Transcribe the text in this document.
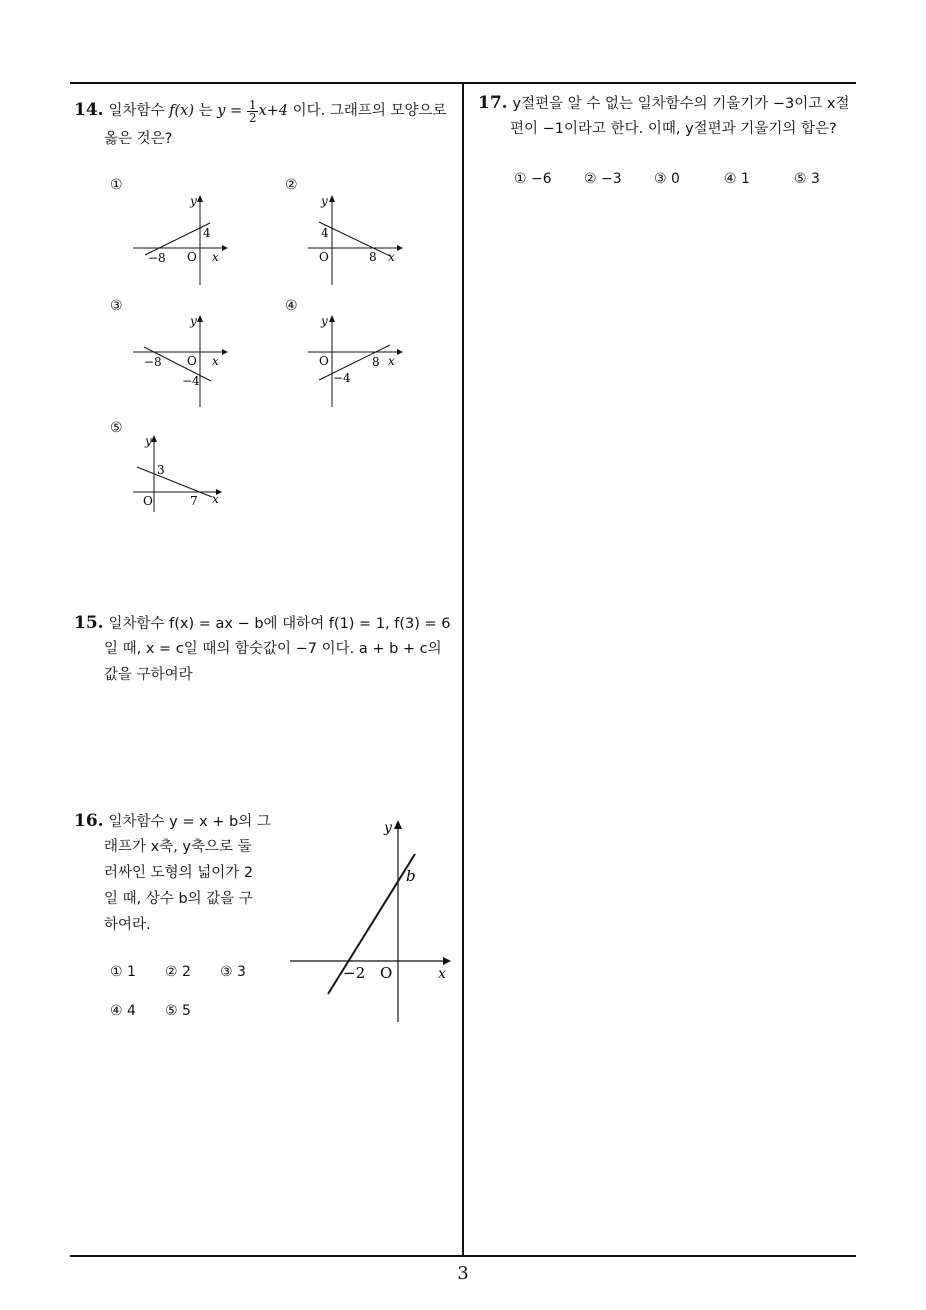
14. 일차함수 f(x) 는 $y = \frac{1}{2} x+4$ 이다. 그래프의 모양으로
옳은 것은?
①
−8 O
4
x
y
②
4
O	8 x
y
③
−8 O
−4
x
y
④
O	8
−4
x
y
⑤
3
O	7 x
y
15. 일차함수 f(x) = ax − b에 대하여 f(1) = 1, f(3) = 6
일 때, x = c일 때의 함숫값이 −7 이다. a + b + c의
값을 구하여라
16. 일차함수 y = x + b의 그
래프가 x축, y축으로 둘
러싸인 도형의 넓이가 2
일 때, 상수 b의 값을 구
하여라.
① 1 ② 2 ③ 3
④ 4 ⑤ 5
y
b
−2 O	x
17. y절편을 알 수 없는 일차함수의 기울기가 −3이고 x절
편이 −1이라고 한다. 이때, y절편과 기울기의 합은?
① −6 ② −3 ③ 0	④ 1	⑤ 3
3
